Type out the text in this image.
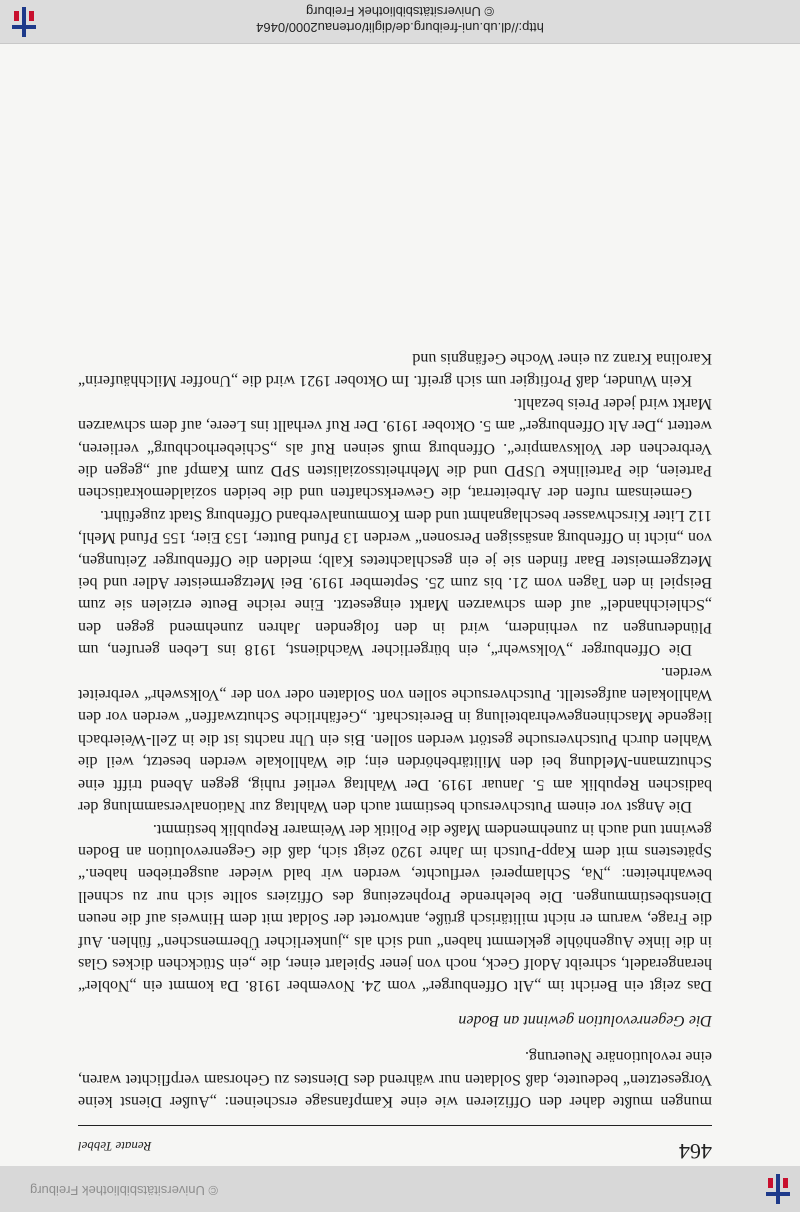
© Universitätsbibliothek Freiburg
464
Renate Tebbel

mungen mußte daher den Offizieren wie eine Kampfansage erscheinen: „Außer Dienst keine Vorgesetzten“ bedeutete, daß Soldaten nur während des Dienstes zu Gehorsam verpflichtet waren, eine revolutionäre Neuerung.

Die Gegenrevolution gewinnt an Boden

Das zeigt ein Bericht im „Alt Offenburger“ vom 24. November 1918. Da kommt ein „Nobler“ herangeradelt, schreibt Adolf Geck, noch von jener Spielart einer, die „ein Stückchen dickes Glas in die linke Augenhöhle geklemmt haben“ und sich als „junkerlicher Übermenschen“ fühlen. Auf die Frage, warum er nicht militärisch grüße, antwortet der Soldat mit dem Hinweis auf die neuen Dienstbestimmungen. Die belehrende Prophezeiung des Offiziers sollte sich nur zu schnell bewahrheiten: „Na, Schlamperei verfluchte, werden wir bald wieder ausgetrieben haben.“ Spätestens mit dem Kapp-Putsch im Jahre 1920 zeigt sich, daß die Gegenrevolution an Boden gewinnt und auch in zunehmendem Maße die Politik der Weimarer Republik bestimmt.

Die Angst vor einem Putschversuch bestimmt auch den Wahltag zur Nationalversammlung der badischen Republik am 5. Januar 1919. Der Wahltag verlief ruhig, gegen Abend trifft eine Schutzmann-Meldung bei den Militärbehörden ein; die Wahllokale werden besetzt, weil die Wahlen durch Putschversuche gestört werden sollen. Bis ein Uhr nachts ist die in Zell-Weierbach liegende Maschinengewehrabteilung in Bereitschaft. „Gefährliche Schutzwaffen“ werden vor den Wahllokalen aufgestellt. Putschversuche sollen von Soldaten oder von der „Volkswehr“ verbreitet werden.

Die Offenburger „Volkswehr“, ein bürgerlicher Wachdienst, 1918 ins Leben gerufen, um Plünderungen zu verhindern, wird in den folgenden Jahren zunehmend gegen den „Schleichhandel“ auf dem schwarzen Markt eingesetzt. Eine reiche Beute erzielen sie zum Beispiel in den Tagen vom 21. bis zum 25. September 1919. Bei Metzgermeister Adler und bei Metzgermeister Baar finden sie je ein geschlachtetes Kalb; melden die Offenburger Zeitungen, von „nicht in Offenburg ansässigen Personen“ werden 13 Pfund Butter, 153 Eier, 155 Pfund Mehl, 112 Liter Kirschwasser beschlagnahmt und dem Kommunalverband Offenburg Stadt zugeführt.

Gemeinsam rufen der Arbeiterrat, die Gewerkschaften und die beiden sozialdemokratischen Parteien, die Parteilinke USPD und die Mehrheitssozialisten SPD zum Kampf auf „gegen die Verbrechen der Volksvampire“. Offenburg muß seinen Ruf als „Schieberhochburg“ verlieren, wettert „Der Alt Offenburger“ am 5. Oktober 1919. Der Ruf verhallt ins Leere, auf dem schwarzen Markt wird jeder Preis bezahlt.

Kein Wunder, daß Profitgier um sich greift. Im Oktober 1921 wird die „Unoffer Milchhäuferin“ Karolina Kranz zu einer Woche Gefängnis und

http://dl.ub.uni-freiburg.de/diglit/ortenau2000/0464
© Universitätsbibliothek Freiburg
